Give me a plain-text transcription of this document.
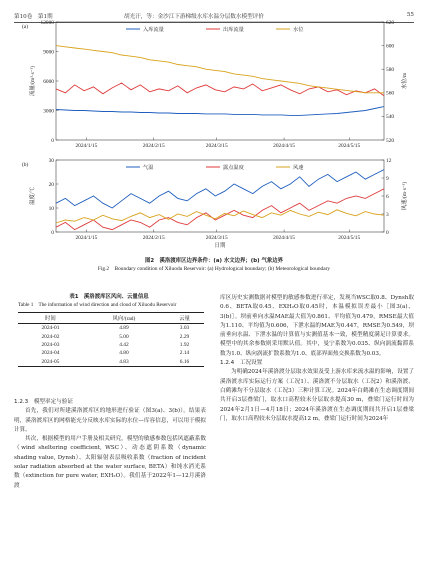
第10卷　第1期	胡光汗，等：金沙江下游梯级水库水温分层数水模型评价	55
(a)
12000
9000
6000
3000
0
620
600
580
560
540
520
2024/1/15	2024/2/15	2024/3/15	2024/4/15	2024/5/15
流量/(m³·s⁻¹)	水位/m
入库流量	出库流量	水位
(b)
30
20
10
0
12
9
6
3
0
2024/1/15	2024/2/15	2024/3/15	2024/4/15	2024/5/15
温度/℃	风速/(m·s⁻¹)
日期
气温	露点温度	风速
图2　溪洛渡库区边界条件：(a) 水文边界；(b) 气象边界
Fig.2　Boundary condition of Xiluodu Reservoir: (a) Hydrological boundary; (b) Meteorological boundary
表1　溪洛渡库区风向、云量信息
Table 1　The information of wind direction and cloud of Xiluodu Reservoir
时间	风向/(rad)	云量
2024-01	4.89	3.03
2024-02	5.00	2.29
2024-03	4.42	1.92
2024-04	4.80	2.14
2024-05	4.83	6.16
1.2.3　模型率定与验证

首先，我们对所建溪洛渡库区的地形进行验证（图3(a)、3(b)），结果表明，溪洛渡库区的网格能充分反映水库实际的水位—库容信息，可以用于模拟计算。

其次，根据模型的用户手册及相关研究，模型的敏感参数包括风遮蔽系数（wind sheltering coefficient, WSC）、动态遮阴系数（dynamic shading value, Dynsh）、太阳辐射表层吸收系数（fraction of incident solar radiation absorbed at the water surface, BETA）和纯水消光系数（extinction for pure water, EXH₂O）。我们基于2022年1—12月溪洛渡

库区历史实测数据对模型的敏感参数进行率定，发现当WSC取0.8、Dynsh取0.6、BETA取0.45、EXH₂O取0.45时，本温模拟误差最小［图3(a)、3(b)］。坝前垂向水温MAE最大值为0.861、平均值为0.479，RMSE最大值为1.110、平均值为0.606，下泄水温的MAE为0.447，RMSE为0.549，坝前垂向水温、下泄水温的计算值与实测值基本一致，模型精度满足计算要求。模型中的其余参数则采用默认值。其中，曼宁系数为0.035、纵向涡流黏滞系数为1.0、纵向涡流扩散系数为1.0、底部界面热交换系数为0.03。

1.2.4　工况设置

为明确2024年溪洛渡分层取水效果及受上游水库来流水温的影响，设置了溪洛渡水库实际运行方案（工况1）、溪洛渡不分层取水（工况2）和溪洛渡、白鹤滩均不分层取水（工况3）三种计算工况。2024年白鹤滩在生态调度期间共开启3层叠梁门，取水口高程较未分层取水提高30 m，叠梁门运行时间为2024年2月1日—4月18日；2024年溪洛渡在生态调度期间共开启1层叠梁门，取水口高程较未分层取水提高12 m，叠梁门运行时间为2024年
